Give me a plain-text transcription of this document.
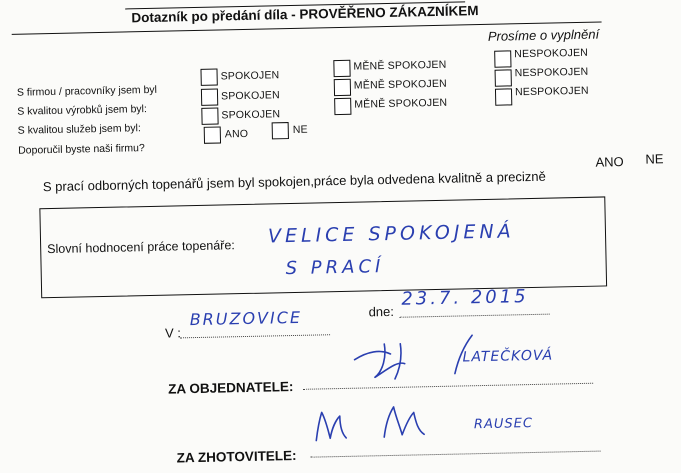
Dotazník po předání díla - PROVĚŘENO ZÁKAZNÍKEM
Prosíme o vyplnění
S firmou / pracovníky jsem byl
S kvalitou výrobků jsem byl:
S kvalitou služeb jsem byl:
Doporučil byste naši firmu?
SPOKOJEN
SPOKOJEN
SPOKOJEN
ANO	NE
MĚNĚ SPOKOJEN
MĚNĚ SPOKOJEN
MĚNĚ SPOKOJEN
NESPOKOJEN
NESPOKOJEN
NESPOKOJEN
S prací odborných topenářů jsem byl spokojen,práce byla odvedena kvalitně a precizně
ANO NE
Slovní hodnocení práce topenáře: VELICE SPOKOJENÁ
S PRACÍ
V :
BRUZOVICE	dne:
23.7. 2015
ZA OBJEDNATELE:
LATEČKOVÁ
ZA ZHOTOVITELE:
RAUSEC
